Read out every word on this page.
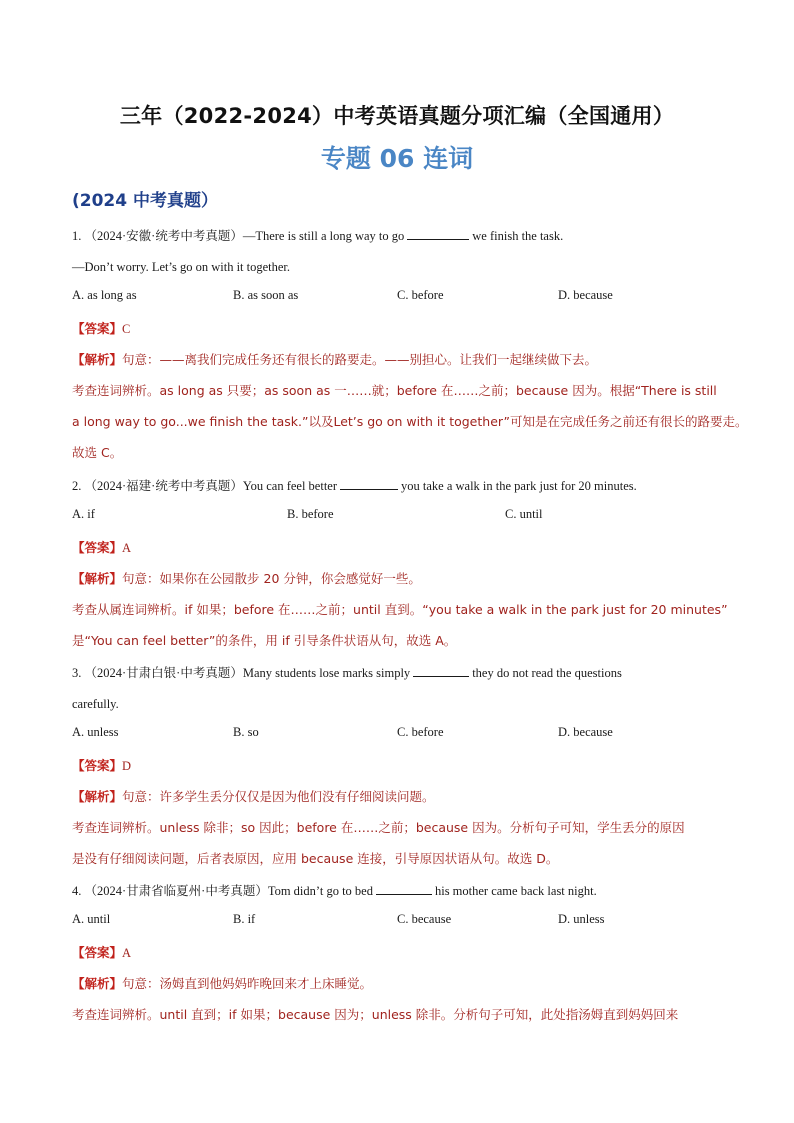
三年（2022-2024）中考英语真题分项汇编（全国通用）
专题 06 连词
(2024 中考真题）
1. （2024·安徽·统考中考真题）—There is still a long way to go	we finish the task.
—Don’t worry. Let’s go on with it together.
A. as long as	B. as soon as	C. before	D. because
【答案】C
【解析】句意：——离我们完成任务还有很长的路要走。——别担心。让我们一起继续做下去。
考查连词辨析。as long as 只要；as soon as 一……就；before 在……之前；because 因为。根据“There is still
a long way to go...we finish the task.”以及Let’s go on with it together”可知是在完成任务之前还有很长的路要走。
故选 C。
2. （2024·福建·统考中考真题）You can feel better	you take a walk in the park just for 20 minutes.
A. if	B. before	C. until
【答案】A
【解析】句意：如果你在公园散步 20 分钟，你会感觉好一些。
考查从属连词辨析。if 如果；before 在……之前；until 直到。“you take a walk in the park just for 20 minutes”
是“You can feel better”的条件，用 if 引导条件状语从句，故选 A。
3. （2024·甘肃白银·中考真题）Many students lose marks simply	they do not read the questions
carefully.
A. unless	B. so	C. before	D. because
【答案】D
【解析】句意：许多学生丢分仅仅是因为他们没有仔细阅读问题。
考查连词辨析。unless 除非；so 因此；before 在……之前；because 因为。分析句子可知，学生丢分的原因
是没有仔细阅读问题，后者表原因，应用 because 连接，引导原因状语从句。故选 D。
4. （2024·甘肃省临夏州·中考真题）Tom didn’t go to bed	his mother came back last night.
A. until	B. if	C. because	D. unless
【答案】A
【解析】句意：汤姆直到他妈妈昨晚回来才上床睡觉。
考查连词辨析。until 直到；if 如果；because 因为；unless 除非。分析句子可知，此处指汤姆直到妈妈回来
